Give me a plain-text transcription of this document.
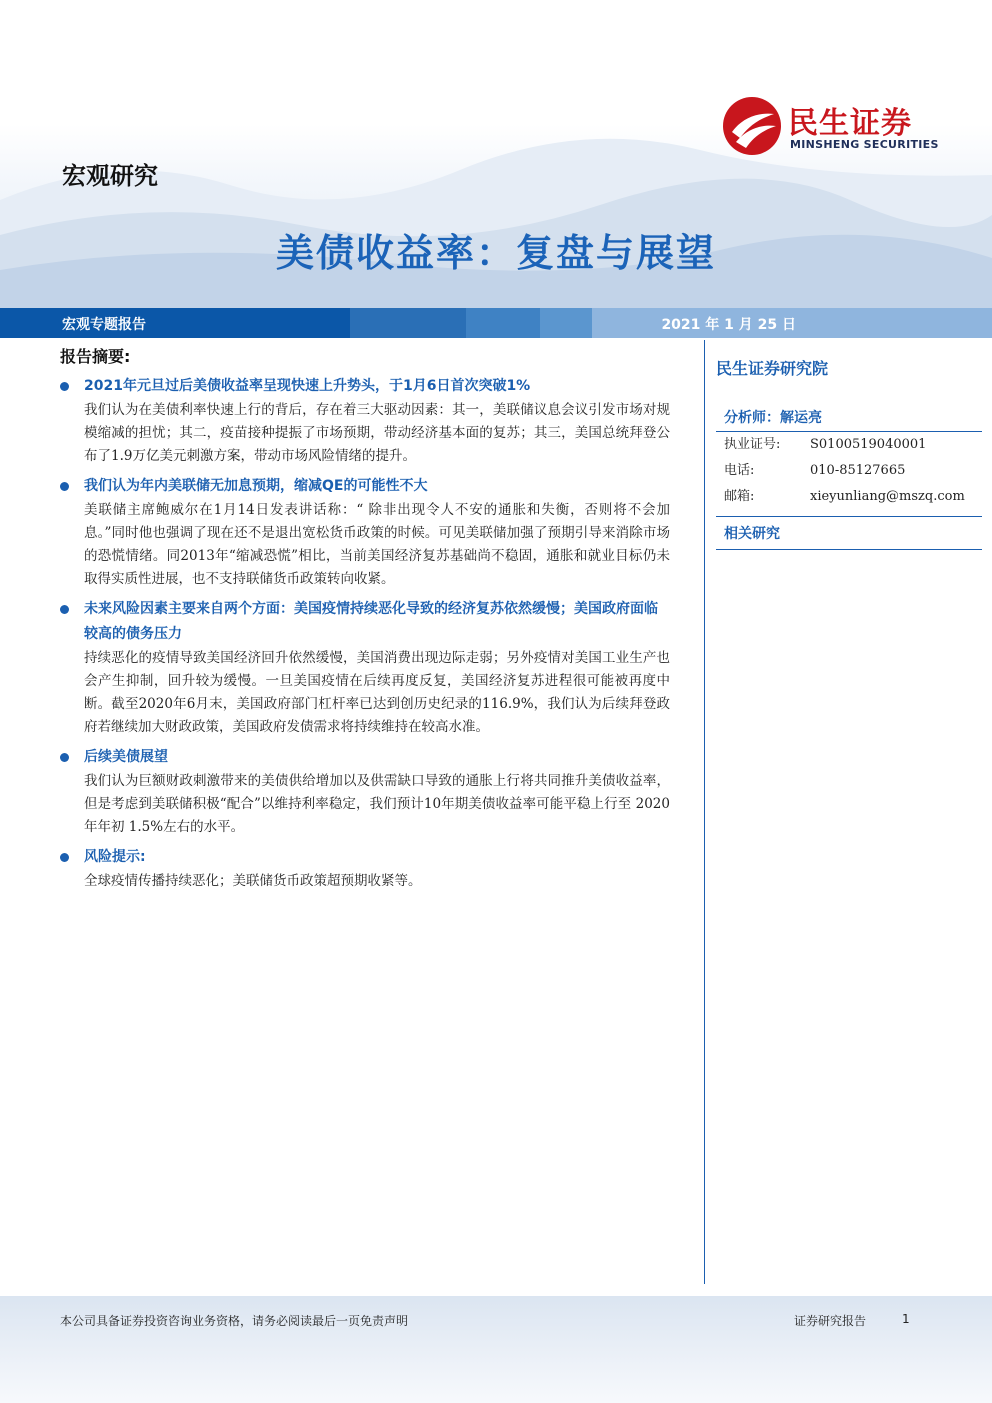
民生证券
MINSHENG SECURITIES
宏观研究
美债收益率：复盘与展望
宏观专题报告	2021 年 1 月 25 日
报告摘要:
2021年元旦过后美债收益率呈现快速上升势头，于1月6日首次突破1%
我们认为在美债利率快速上行的背后，存在着三大驱动因素：其一，美联储议息会议引发市场对规模缩减的担忧；其二，疫苗接种提振了市场预期，带动经济基本面的复苏；其三，美国总统拜登公布了1.9万亿美元刺激方案，带动市场风险情绪的提升。
我们认为年内美联储无加息预期，缩减QE的可能性不大
美联储主席鲍威尔在1月14日发表讲话称：“ 除非出现令人不安的通胀和失衡，否则将不会加息。”同时他也强调了现在还不是退出宽松货币政策的时候。可见美联储加强了预期引导来消除市场的恐慌情绪。同2013年“缩减恐慌”相比，当前美国经济复苏基础尚不稳固，通胀和就业目标仍未取得实质性进展，也不支持联储货币政策转向收紧。
未来风险因素主要来自两个方面：美国疫情持续恶化导致的经济复苏依然缓慢；美国政府面临较高的债务压力
持续恶化的疫情导致美国经济回升依然缓慢，美国消费出现边际走弱；另外疫情对美国工业生产也会产生抑制，回升较为缓慢。一旦美国疫情在后续再度反复，美国经济复苏进程很可能被再度中断。截至2020年6月末，美国政府部门杠杆率已达到创历史纪录的116.9%，我们认为后续拜登政府若继续加大财政政策，美国政府发债需求将持续维持在较高水准。
后续美债展望
我们认为巨额财政刺激带来的美债供给增加以及供需缺口导致的通胀上行将共同推升美债收益率，但是考虑到美联储积极“配合”以维持利率稳定，我们预计10年期美债收益率可能平稳上行至 2020 年年初 1.5%左右的水平。
风险提示:
全球疫情传播持续恶化；美联储货币政策超预期收紧等。
民生证券研究院
分析师：解运亮
执业证号:	S0100519040001
电话:	010-85127665
邮箱:	xieyunliang@mszq.com
相关研究
本公司具备证券投资咨询业务资格，请务必阅读最后一页免责声明	证券研究报告	1
